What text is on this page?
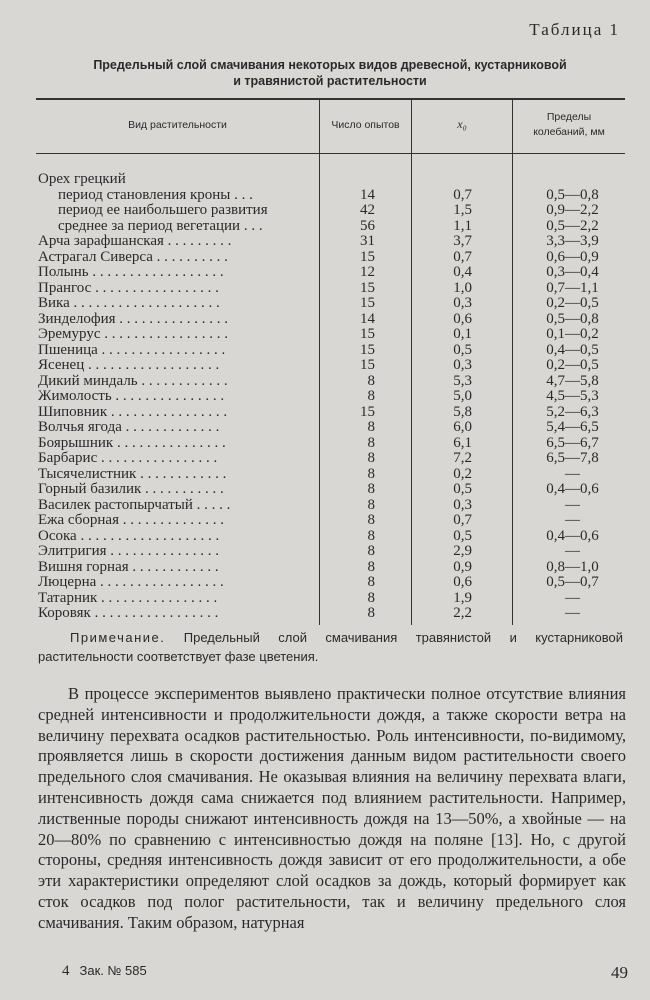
Таблица 1
Предельный слой смачивания некоторых видов древесной, кустарниковой
и травянистой растительности
Вид растительности	Число опытов	x₀	Пределы
колебаний, мм
Орех грецкий
период становления кроны . . .	14	0,7	0,5—0,8
период ее наибольшего развития	42	1,5	0,9—2,2
среднее за период вегетации . . .	56	1,1	0,5—2,2
Арча зарафшанская . . . . . . . . .	31	3,7	3,3—3,9
Астрагал Сиверса . . . . . . . . . .	15	0,7	0,6—0,9
Полынь . . . . . . . . . . . . . . . . . .	12	0,4	0,3—0,4
Прангос . . . . . . . . . . . . . . . . .	15	1,0	0,7—1,1
Вика . . . . . . . . . . . . . . . . . . . .	15	0,3	0,2—0,5
Зинделофия . . . . . . . . . . . . . . .	14	0,6	0,5—0,8
Эремурус . . . . . . . . . . . . . . . . .	15	0,1	0,1—0,2
Пшеница . . . . . . . . . . . . . . . . .	15	0,5	0,4—0,5
Ясенец . . . . . . . . . . . . . . . . . .	15	0,3	0,2—0,5
Дикий миндаль . . . . . . . . . . . .	8	5,3	4,7—5,8
Жимолость . . . . . . . . . . . . . . .	8	5,0	4,5—5,3
Шиповник . . . . . . . . . . . . . . . .	15	5,8	5,2—6,3
Волчья ягода . . . . . . . . . . . . .	8	6,0	5,4—6,5
Боярышник . . . . . . . . . . . . . . .	8	6,1	6,5—6,7
Барбарис . . . . . . . . . . . . . . . .	8	7,2	6,5—7,8
Тысячелистник . . . . . . . . . . . .	8	0,2	—
Горный базилик . . . . . . . . . . .	8	0,5	0,4—0,6
Василек растопырчатый . . . . .	8	0,3	—
Ежа сборная . . . . . . . . . . . . . .	8	0,7	—
Осока . . . . . . . . . . . . . . . . . . .	8	0,5	0,4—0,6
Элитригия . . . . . . . . . . . . . . .	8	2,9	—
Вишня горная . . . . . . . . . . . .	8	0,9	0,8—1,0
Люцерна . . . . . . . . . . . . . . . . .	8	0,6	0,5—0,7
Татарник . . . . . . . . . . . . . . . .	8	1,9	—
Коровяк . . . . . . . . . . . . . . . . .	8	2,2	—
Примечание. Предельный слой смачивания травянистой и кустарниковой растительности соответствует фазе цветения.
В процессе экспериментов выявлено практически полное отсутствие влияния средней интенсивности и продолжительности дождя, а также скорости ветра на величину перехвата осадков растительностью. Роль интенсивности, по-видимому, проявляется лишь в скорости достижения данным видом растительности своего предельного слоя смачивания. Не оказывая влияния на величину перехвата влаги, интенсивность дождя сама снижается под влиянием растительности. Например, лиственные породы снижают интенсивность дождя на 13—50%, а хвойные — на 20—80% по сравнению с интенсивностью дождя на поляне [13]. Но, с другой стороны, средняя интенсивность дождя зависит от его продолжительности, а обе эти характеристики определяют слой осадков за дождь, который формирует как сток осадков под полог растительности, так и величину предельного слоя смачивания. Таким образом, натурная
4 Зак. № 585	49
